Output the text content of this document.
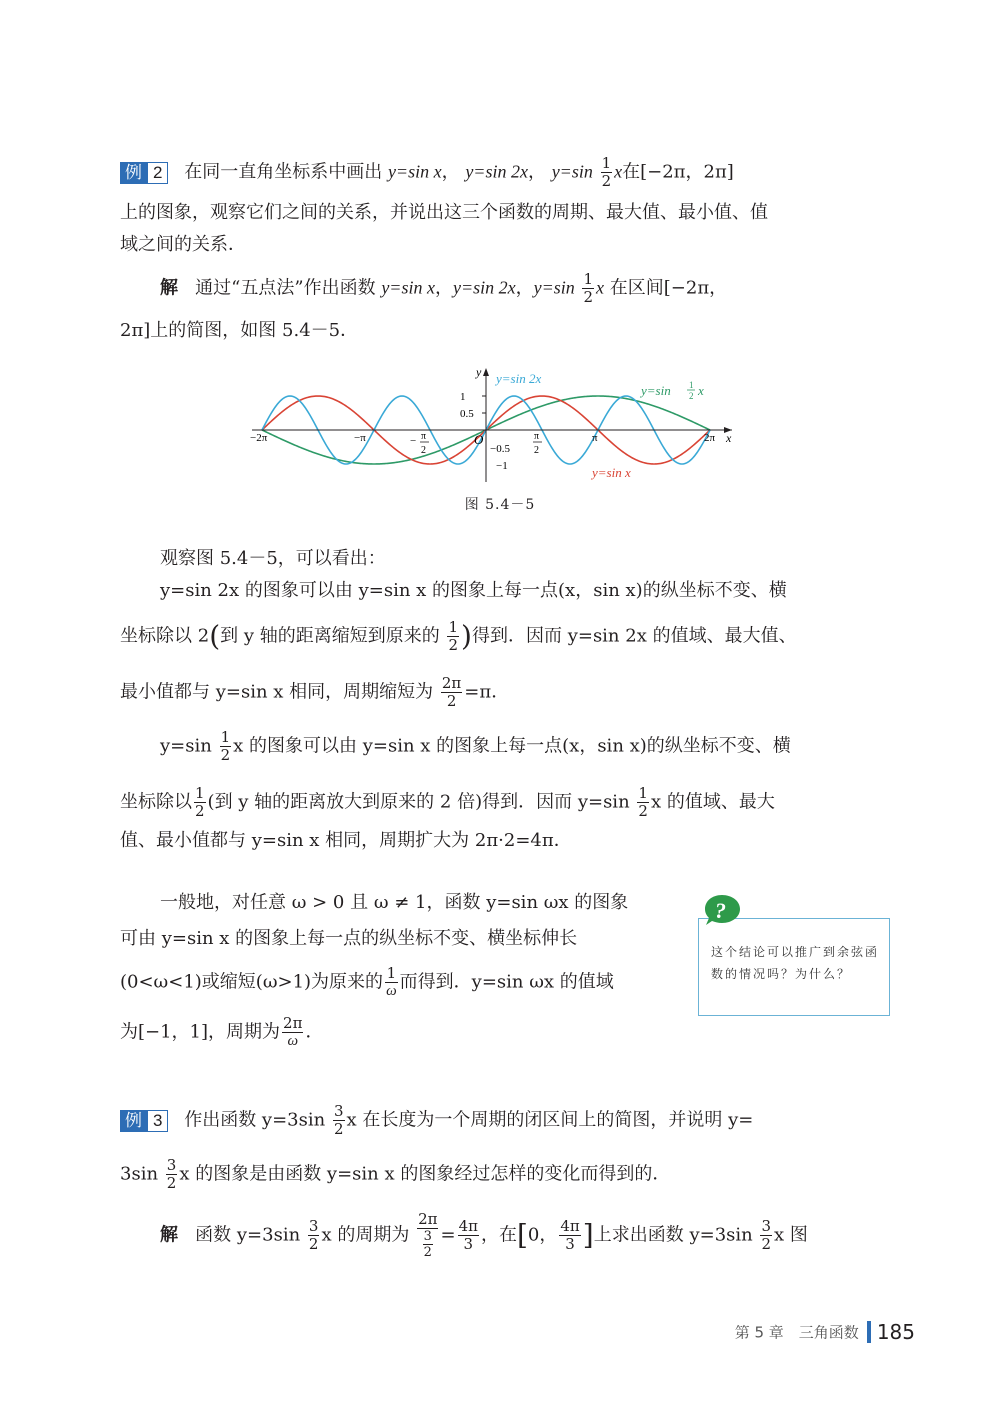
例 2 在同一直角坐标系中画出 y=sin x， y=sin 2x， $y=\sin \frac{1}{2}$ x在[−2π，2π]
上的图象，观察它们之间的关系，并说出这三个函数的周期、最大值、最小值、值
域之间的关系．
解 通过“五点法”作出函数 y=sin x，y=sin 2x，$y=\sin \frac{1}{2}$ x 在区间[−2π，
2π]上的简图，如图 5.4－5．
y
x
O
1
0.5
−0.5
−1
−2π	−π	− π
2
π
2
π	2π
y=sin 2x
y=sin 1
2 x
y=sin x
图 5.4－5
观察图 5.4－5，可以看出：
y=sin 2x 的图象可以由 y=sin x 的图象上每一点(x，sin x)的纵坐标不变、横
坐标除以 2(到 y 轴的距离缩短到原来的 $\frac{1}{2}$ )得到．因而 y=sin 2x 的值域、最大值、
最小值都与 y=sin x 相同，周期缩短为 $\frac{2\pi}{2} =\pi$．
$y=\sin \frac{1}{2}$ x 的图象可以由 y=sin x 的图象上每一点(x，sin x)的纵坐标不变、横
坐标除以 $\frac{1}{2}$ (到 y 轴的距离放大到原来的 2 倍)得到．因而 $y=\sin \frac{1}{2}$ x 的值域、最大
值、最小值都与 y=sin x 相同，周期扩大为 2π·2=4π．
一般地，对任意 ω > 0 且 ω ≠ 1，函数 y=sin ωx 的图象
可由 y=sin x 的图象上每一点的纵坐标不变、横坐标伸长
(0<ω<1)或缩短(ω>1)为原来的 $\frac{1}{\omega}$ 而得到．y=sin ωx 的值域
为[−1，1]，周期为 $\frac{2\pi}{\omega}$ ．
这个结论可以推广到余弦函数的情况吗？为什么？
?
例 3 作出函数 $y=3\sin \frac{3}{2}$ x 在长度为一个周期的闭区间上的简图，并说明 y=
$3\sin \frac{3}{2}$ x 的图象是由函数 y=sin x 的图象经过怎样的变化而得到的．
解 函数 $y=3\sin \frac{3}{2}$ x 的周期为 $\frac{2\pi}{\frac{3}{2}} = \frac{4\pi}{3}$ ，在[0， $\frac{4\pi}{3}$ ]上求出函数 $y=3\sin \frac{3}{2}$ x 图
第 5 章　三角函数 185
